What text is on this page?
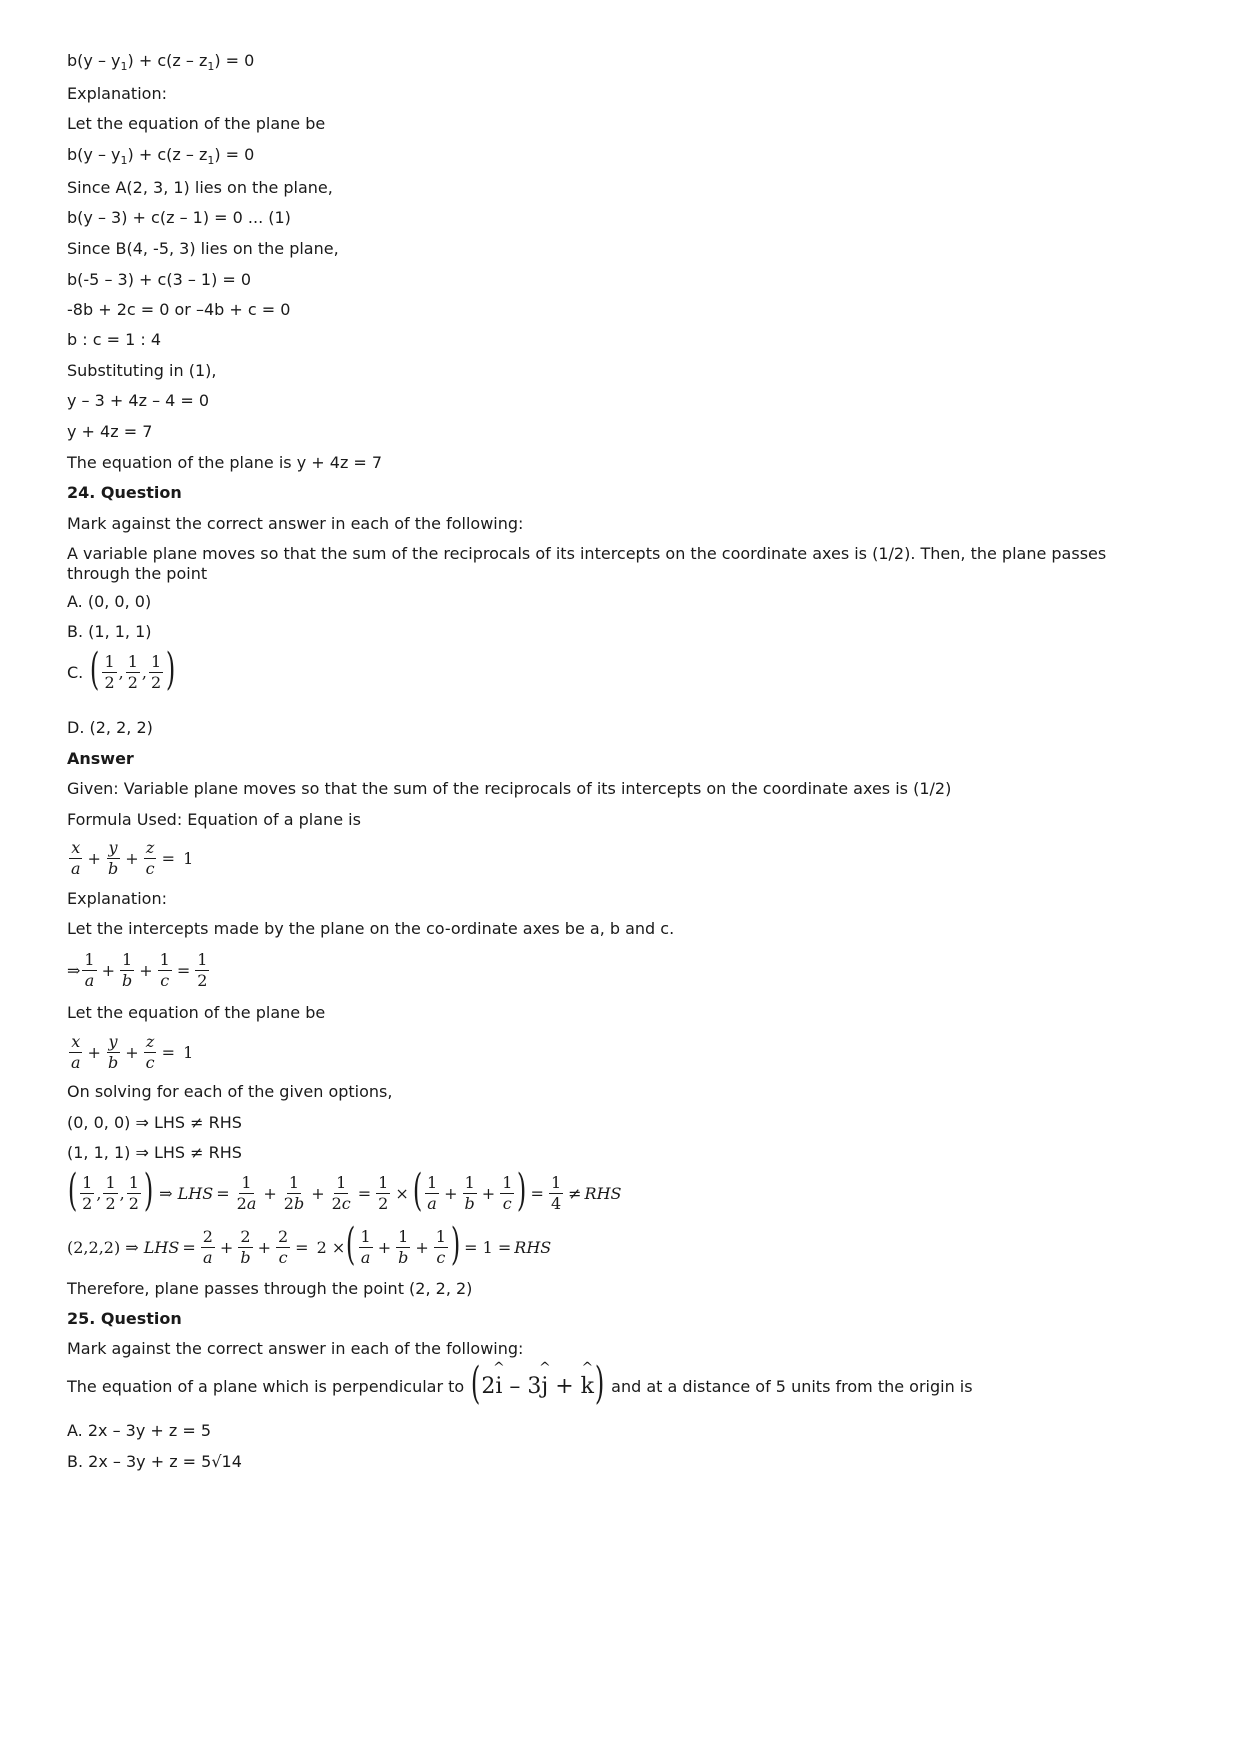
$b(y - y_1) + c(z - z_1) = 0$
Explanation:
Let the equation of the plane be
$b(y - y_1) + c(z - z_1) = 0$
Since A(2, 3, 1) lies on the plane,
b(y – 3) + c(z – 1) = 0 ... (1)
Since B(4, -5, 3) lies on the plane,
b(-5 – 3) + c(3 – 1) = 0
-8b + 2c = 0 or –4b + c = 0
b : c = 1 : 4
Substituting in (1),
y – 3 + 4z – 4 = 0
y + 4z = 7
The equation of the plane is y + 4z = 7
24. Question
Mark against the correct answer in each of the following:
A variable plane moves so that the sum of the reciprocals of its intercepts on the coordinate axes is (1/2). Then, the plane passes through the point
A. (0, 0, 0)
B. (1, 1, 1)
C. ( $\frac{1}{2}$ , $\frac{1}{2}$ , $\frac{1}{2}$ )
D. (2, 2, 2)
Answer
Given: Variable plane moves so that the sum of the reciprocals of its intercepts on the coordinate axes is (1/2)
Formula Used: Equation of a plane is
$\frac{x}{a} + \frac{y}{b} + \frac{z}{c} = 1$
Explanation:
Let the intercepts made by the plane on the co-ordinate axes be a, b and c.
⇒ $\frac{1}{a} + \frac{1}{b} + \frac{1}{c} = \frac{1}{2}$
Let the equation of the plane be
$\frac{x}{a} + \frac{y}{b} + \frac{z}{c} = 1$
On solving for each of the given options,
(0, 0, 0) ⇒ LHS ≠ RHS
(1, 1, 1) ⇒ LHS ≠ RHS
( $\frac{1}{2}$ , $\frac{1}{2}$ , $\frac{1}{2}$ ) ⇒ LHS = $\frac{1}{2a} + \frac{1}{2b} + \frac{1}{2c} = \frac{1}{2}$ × ( $\frac{1}{a} + \frac{1}{b} + \frac{1}{c}$ ) = $\frac{1}{4}$ ≠ RHS
(2,2,2) ⇒ LHS = $\frac{2}{a} + \frac{2}{b} + \frac{2}{c} = 2$ × ( $\frac{1}{a} + \frac{1}{b} + \frac{1}{c}$ ) = 1 = RHS
Therefore, plane passes through the point (2, 2, 2)
25. Question
Mark against the correct answer in each of the following:
The equation of a plane which is perpendicular to ( 2 ^ i – 3 ^ j + ^ k ) and at a distance of 5 units from the origin is
A. 2x – 3y + z = 5
B. 2x – 3y + z = 5√14
